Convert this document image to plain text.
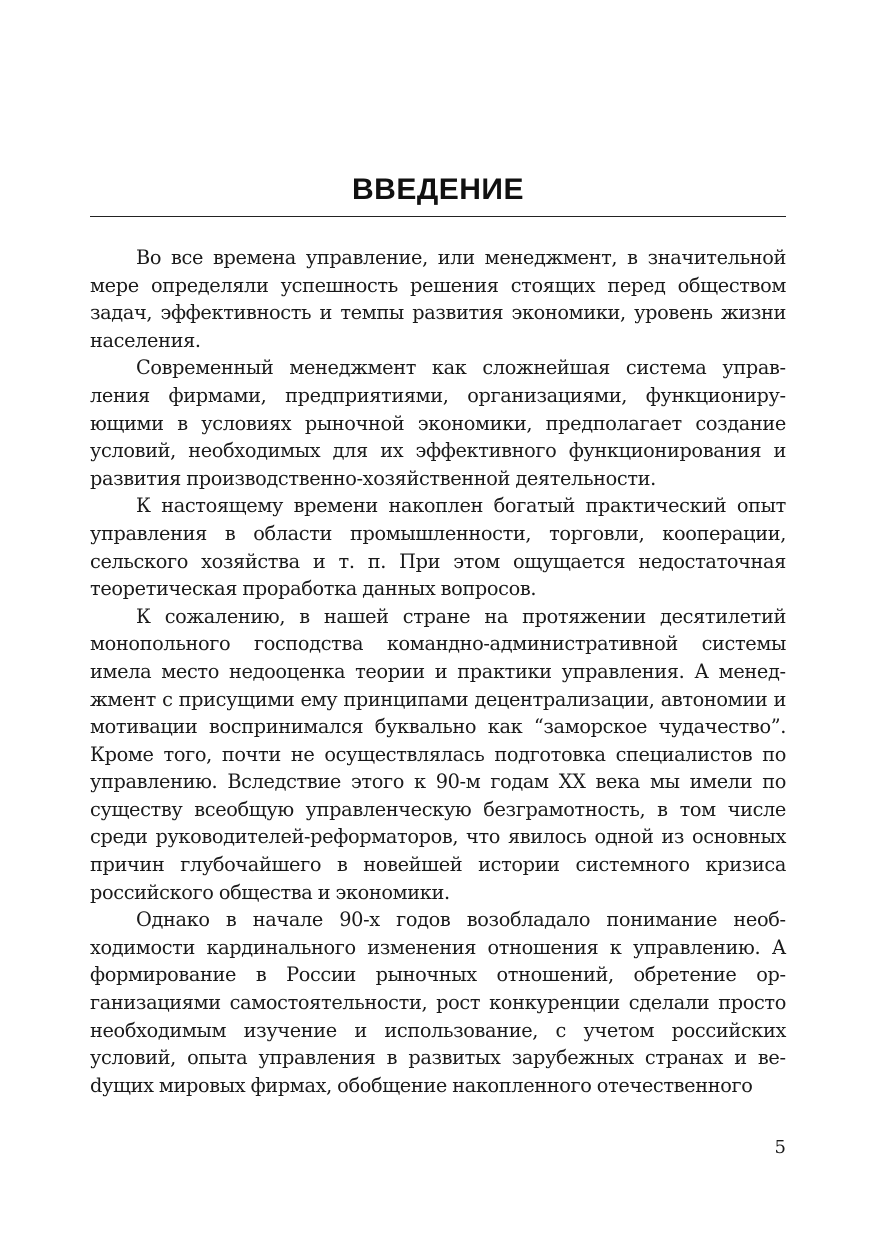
ВВЕДЕНИЕ

Во все времена управление, или менеджмент, в значительной мере определяли успешность решения стоящих перед обществом задач, эффективность и темпы развития экономики, уровень жизни населения.

Современный менеджмент как сложнейшая система управления фирмами, предприятиями, организациями, функционирующими в условиях рыночной экономики, предполагает создание условий, необходимых для их эффективного функционирования и развития производственно-хозяйственной деятельности.

К настоящему времени накоплен богатый практический опыт управления в области промышленности, торговли, кооперации, сельского хозяйства и т. п. При этом ощущается недостаточная теоретическая проработка данных вопросов.

К сожалению, в нашей стране на протяжении десятилетий монопольного господства командно-административной системы имела место недооценка теории и практики управления. А менеджмент с присущими ему принципами децентрализации, автономии и мотивации воспринимался буквально как “заморское чудачество”. Кроме того, почти не осуществлялась подготовка специалистов по управлению. Вследствие этого к 90-м годам XX века мы имели по существу всеобщую управленческую безграмотность, в том числе среди руководителей-реформаторов, что явилось одной из основных причин глубочайшего в новейшей истории системного кризиса российского общества и экономики.

Однако в начале 90-х годов возобладало понимание необходимости кардинального изменения отношения к управлению. А формирование в России рыночных отношений, обретение организациями самостоятельности, рост конкуренции сделали просто необходимым изучение и использование, с учетом российских условий, опыта управления в развитых зарубежных странах и веdущих мировых фирмах, обобщение накопленного отечественного

5
